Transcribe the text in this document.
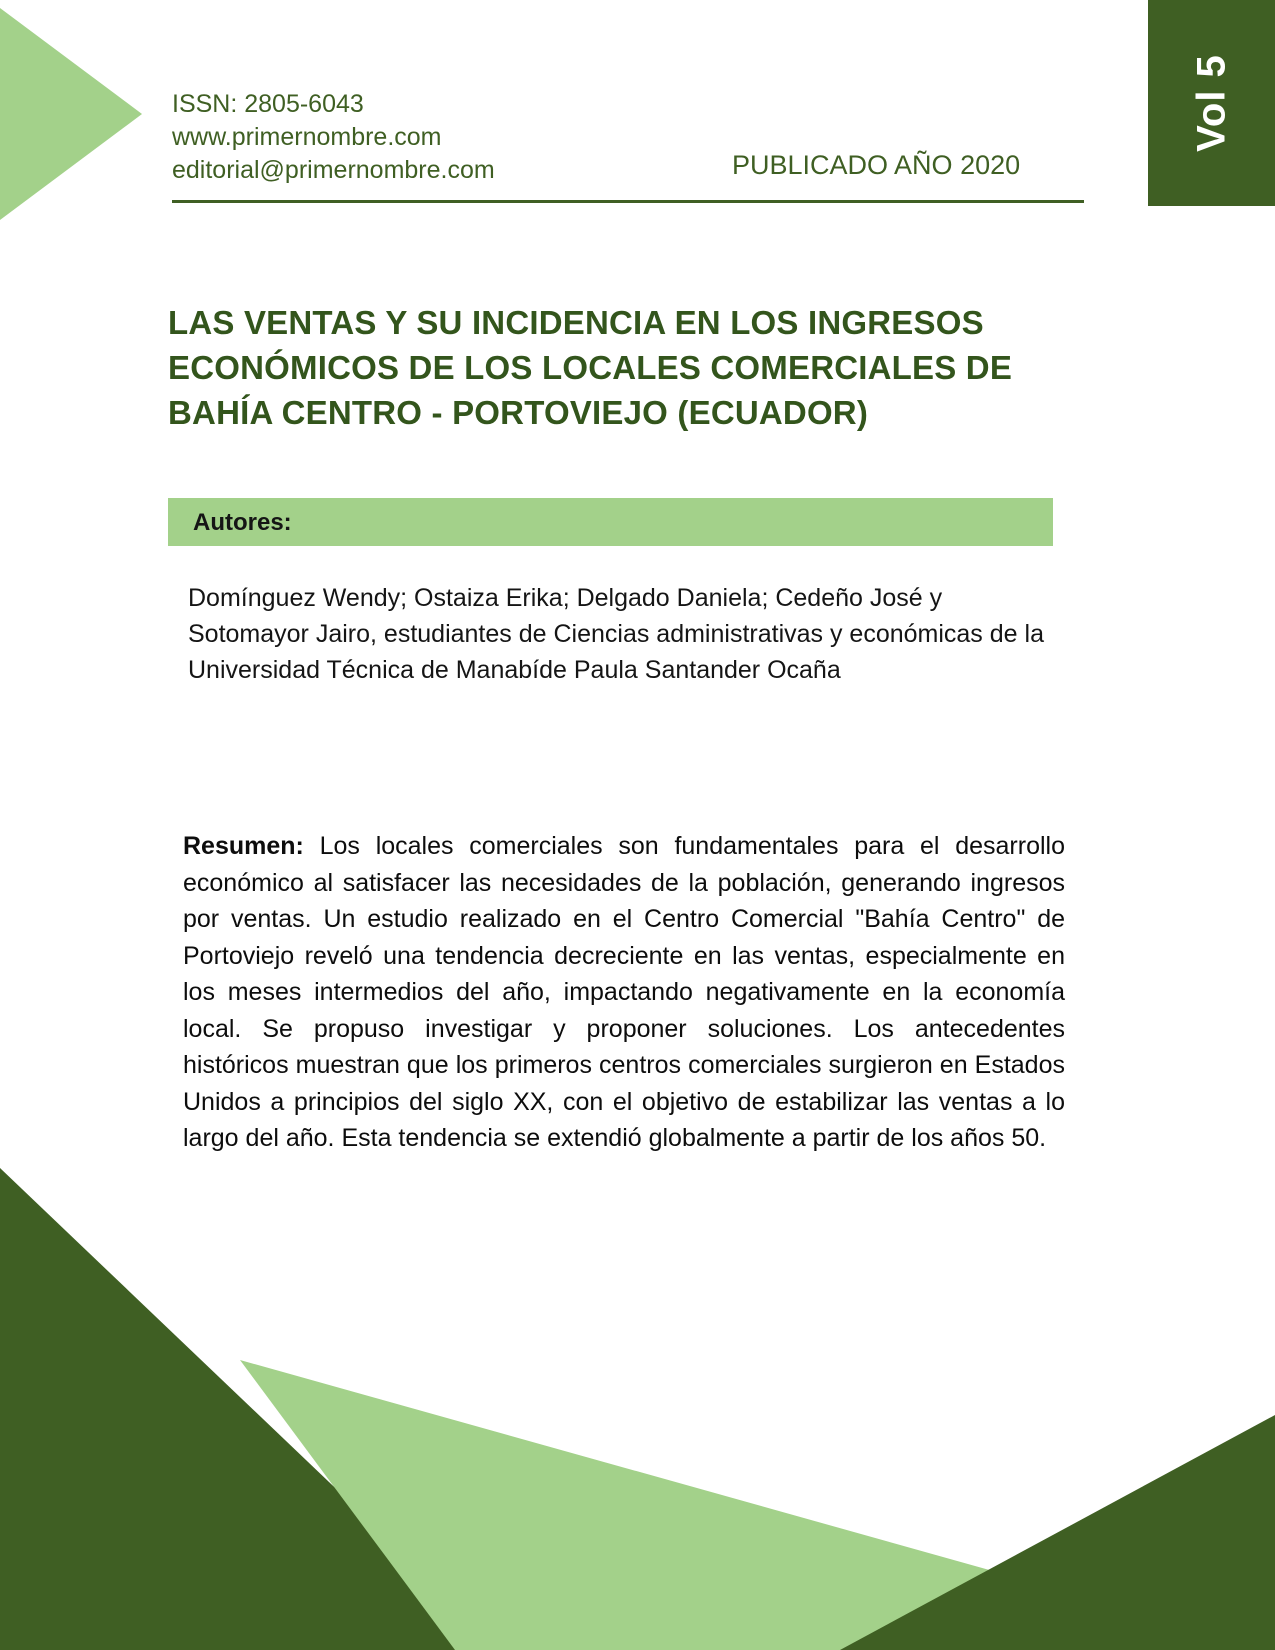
Vol 5
ISSN: 2805-6043
www.primernombre.com
editorial@primernombre.com	PUBLICADO AÑO 2020
LAS VENTAS Y SU INCIDENCIA EN LOS INGRESOS ECONÓMICOS DE LOS LOCALES COMERCIALES DE BAHÍA CENTRO - PORTOVIEJO (ECUADOR)
Autores:
Domínguez Wendy; Ostaiza Erika; Delgado Daniela; Cedeño José y Sotomayor Jairo, estudiantes de Ciencias administrativas y económicas de la Universidad Técnica de Manabíde Paula Santander Ocaña

Resumen: Los locales comerciales son fundamentales para el desarrollo económico al satisfacer las necesidades de la población, generando ingresos por ventas. Un estudio realizado en el Centro Comercial "Bahía Centro" de Portoviejo reveló una tendencia decreciente en las ventas, especialmente en los meses intermedios del año, impactando negativamente en la economía local. Se propuso investigar y proponer soluciones. Los antecedentes históricos muestran que los primeros centros comerciales surgieron en Estados Unidos a principios del siglo XX, con el objetivo de estabilizar las ventas a lo largo del año. Esta tendencia se extendió globalmente a partir de los años 50.
